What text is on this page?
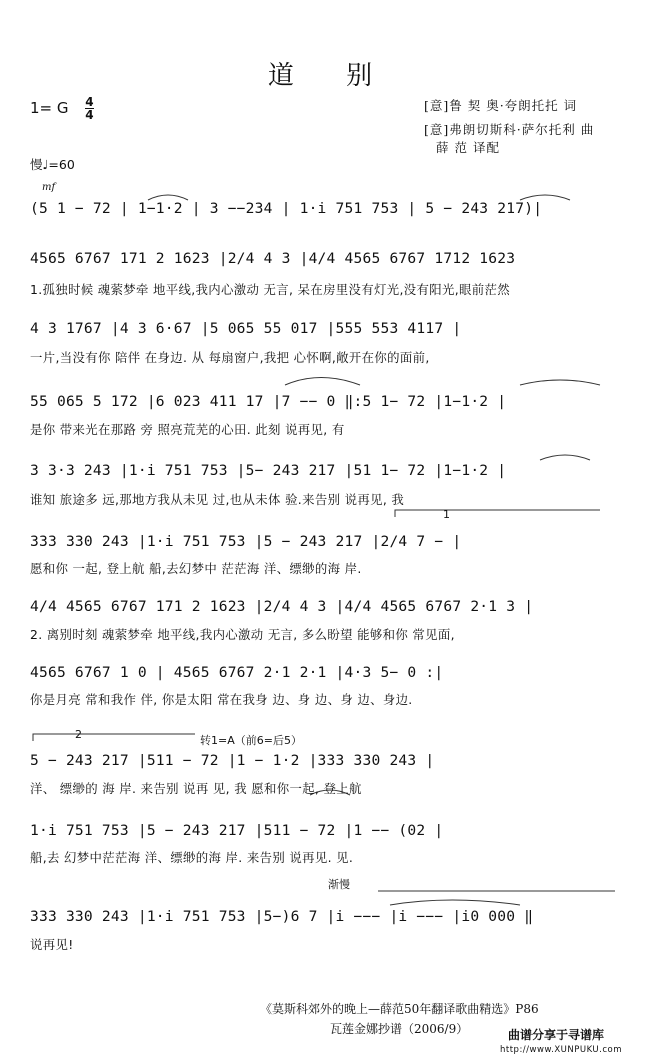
道 别
1= G $\frac{4}{4}$	[意]鲁 契 奥·夸朗托托 词
[意]弗朗切斯科·萨尔托利 曲
薛 范 译配
慢♩=60
mf
(5 1 − 72 | 1−1·2 | 3 −−234 | 1·i 751 753 | 5 − 243 217)|
4565 6767 171 2 1623 |2/4 4 3 |4/4 4565 6767 1712 1623
1.孤独时候 魂萦梦牵 地平线,我内心激动 无言, 呆在房里没有灯光,没有阳光,眼前茫然
4 3 1767 |4 3 6·67 |5 065 55 017 |555 553 4117 |
一片,当没有你 陪伴 在身边. 从 每扇窗户,我把 心怀啊,敞开在你的面前,
55 065 5 172 |6 023 411 17 |7 −− 0 ‖:5 1− 72 |1−1·2 |
是你 带来光在那路 旁 照亮荒芜的心田. 此刻 说再见, 有
3 3·3 243 |1·i 751 753 |5− 243 217 |51 1− 72 |1−1·2 |
谁知 旅途多 远,那地方我从未见 过,也从未体 验.来告别 说再见, 我
1
333 330 243 |1·i 751 753 |5 − 243 217 |2/4 7 − |
愿和你 一起, 登上航 船,去幻梦中 茫茫海 洋、缥缈的海 岸.
4/4 4565 6767 171 2 1623 |2/4 4 3 |4/4 4565 6767 2·1 3 |
2. 离别时刻 魂萦梦牵 地平线,我内心激动 无言, 多么盼望 能够和你 常见面,
4565 6767 1 0 | 4565 6767 2·1 2·1 |4·3 5− 0 :|
你是月亮 常和我作 伴, 你是太阳 常在我身 边、身 边、身 边、身边.
2	转1=A（前6=后5）
5 − 243 217 |511 − 72 |1 − 1·2 |333 330 243 |
洋、 缥缈的 海 岸. 来告别 说再 见, 我 愿和你一起, 登上航
1·i 751 753 |5 − 243 217 |511 − 72 |1 −− (02 |
船,去 幻梦中茫茫海 洋、缥缈的海 岸. 来告别 说再见. 见.
渐慢
333 330 243 |1·i 751 753 |5−)6 7 |i −−− |i −−− |i0 000 ‖
说再见!
《莫斯科郊外的晚上—薛范50年翻译歌曲精选》P86
瓦莲金娜抄谱（2006/9）	曲谱分享于寻谱库
http://www.XUNPUKU.com
